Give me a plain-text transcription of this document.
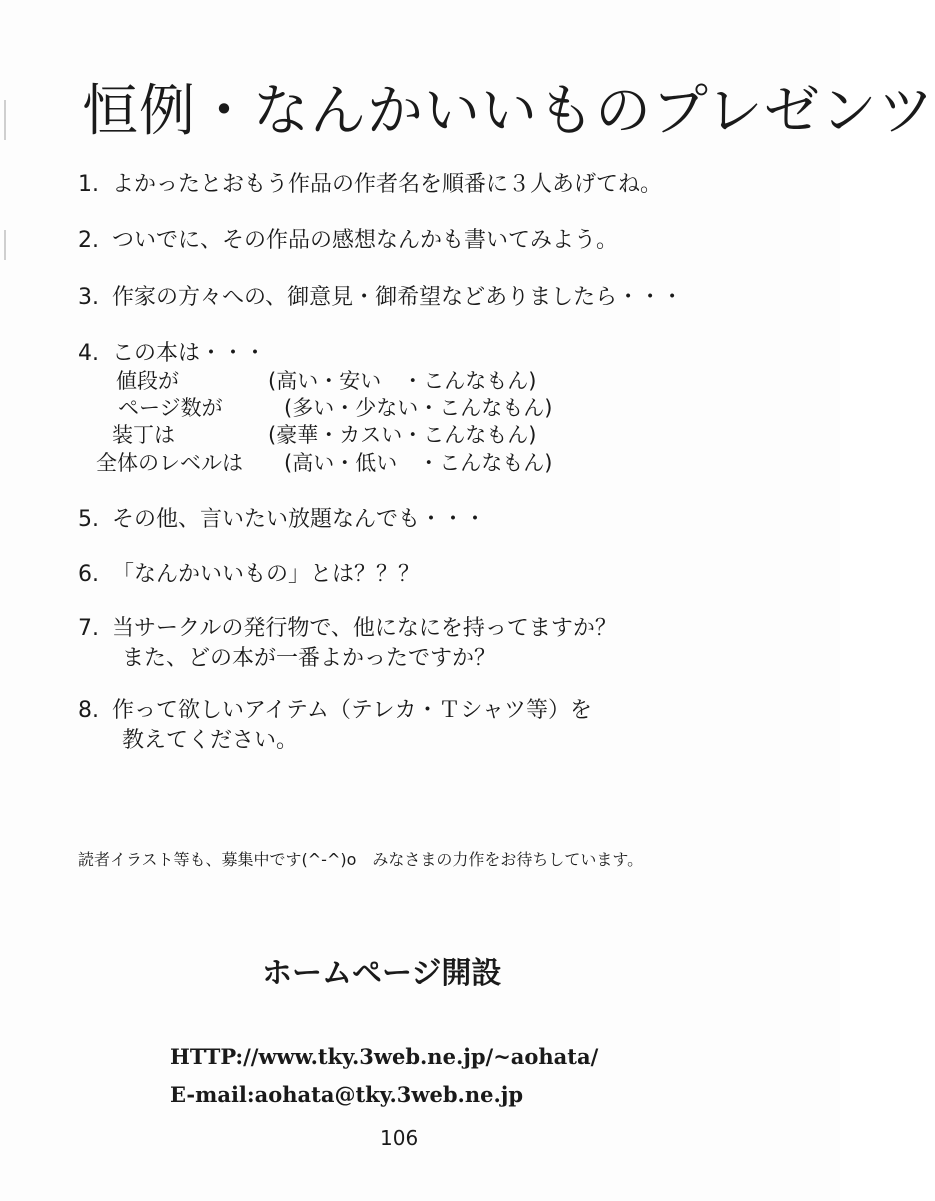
恒例・なんかいいものプレゼンツ

1. よかったとおもう作品の作者名を順番に３人あげてね。

2. ついでに、その作品の感想なんかも書いてみよう。

3. 作家の方々への、御意見・御希望などありましたら・・・

4. この本は・・・

値段が	(高い・安い　・こんなもん)
ページ数が	(多い・少ない・こんなもん)
装丁は	(豪華・カスい・こんなもん)
全体のレベルは (高い・低い　・こんなもん)

5. その他、言いたい放題なんでも・・・

6. 「なんかいいもの」とは？？？

7. 当サークルの発行物で、他になにを持ってますか？
また、どの本が一番よかったですか？

8. 作って欲しいアイテム（テレカ・Ｔシャツ等）を
教えてください。

読者イラスト等も、募集中です(^-^)o　みなさまの力作をお待ちしています。
ホームページ開設
HTTP://www.tky.3web.ne.jp/~aohata/
E-mail:aohata@tky.3web.ne.jp
106
